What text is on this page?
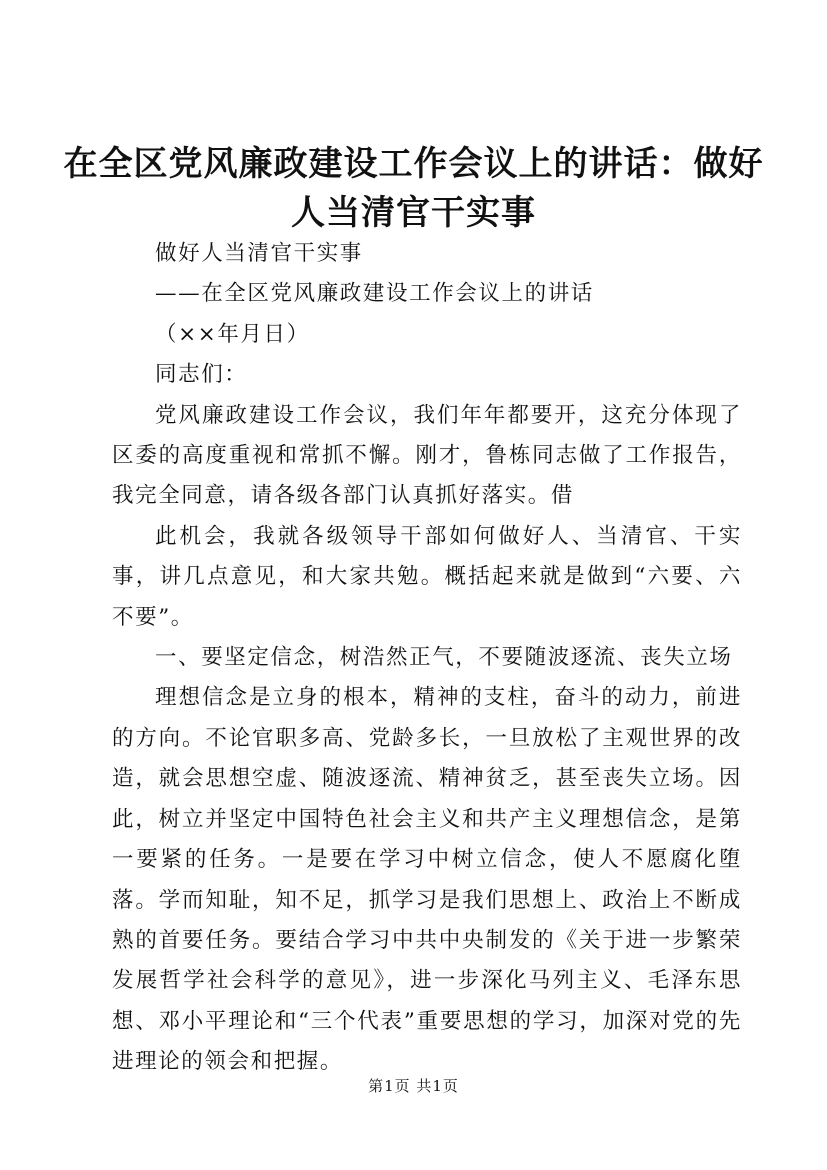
在全区党风廉政建设工作会议上的讲话：做好人当清官干实事

做好人当清官干实事

——在全区党风廉政建设工作会议上的讲话

（××年月日）

同志们：

党风廉政建设工作会议，我们年年都要开，这充分体现了区委的高度重视和常抓不懈。刚才，鲁栋同志做了工作报告，我完全同意，请各级各部门认真抓好落实。借

此机会，我就各级领导干部如何做好人、当清官、干实事，讲几点意见，和大家共勉。概括起来就是做到“六要、六不要”。

一、要坚定信念，树浩然正气，不要随波逐流、丧失立场

理想信念是立身的根本，精神的支柱，奋斗的动力，前进的方向。不论官职多高、党龄多长，一旦放松了主观世界的改造，就会思想空虚、随波逐流、精神贫乏，甚至丧失立场。因此，树立并坚定中国特色社会主义和共产主义理想信念，是第一要紧的任务。一是要在学习中树立信念，使人不愿腐化堕落。学而知耻，知不足，抓学习是我们思想上、政治上不断成熟的首要任务。要结合学习中共中央制发的《关于进一步繁荣发展哲学社会科学的意见》，进一步深化马列主义、毛泽东思想、邓小平理论和“三个代表”重要思想的学习，加深对党的先进理论的领会和把握。

第1页 共1页
